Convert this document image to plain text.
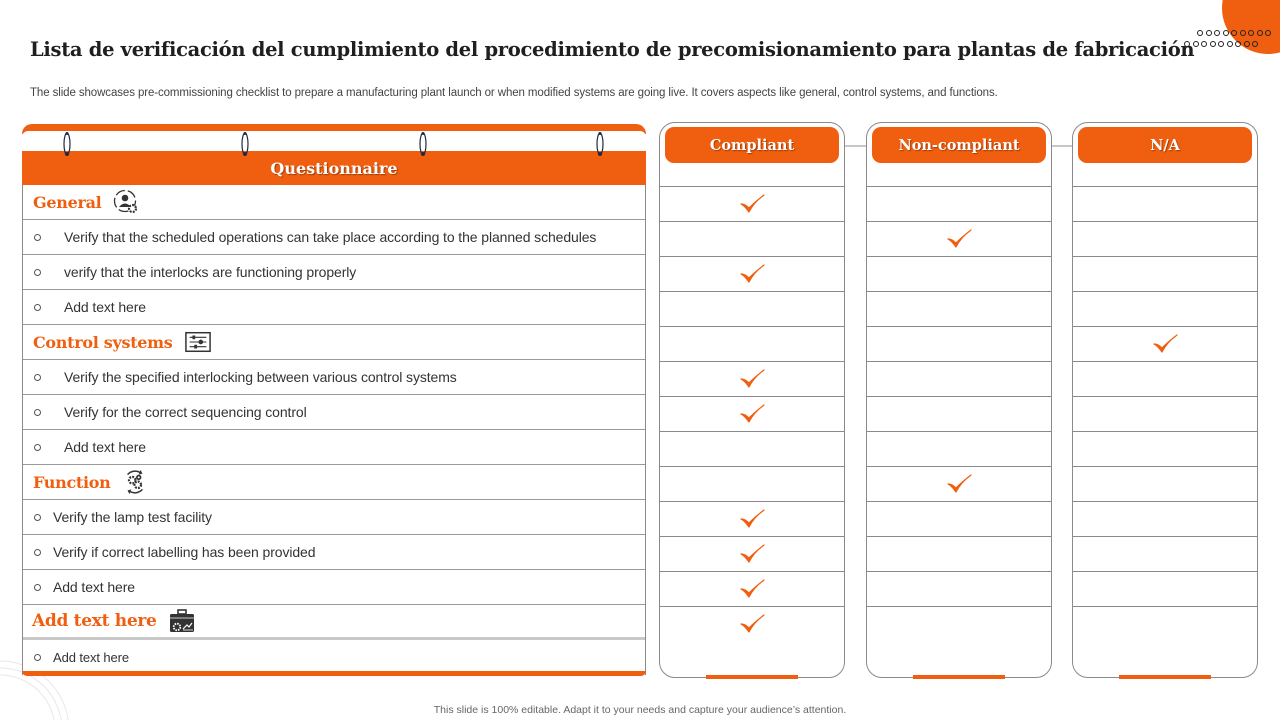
Lista de verificación del cumplimiento del procedimiento de precomisionamiento para plantas de fabricación

The slide showcases pre-commissioning checklist to prepare a manufacturing plant launch or when modified systems are going live. It covers aspects like general, control systems, and functions.

Questionnaire
General
Verify that the scheduled operations can take place according to the planned schedules
verify that the interlocks are functioning properly
Add text here
Control systems
Verify the specified interlocking between various control systems
Verify for the correct sequencing control
Add text here
Function
Verify the lamp test facility
Verify if correct labelling has been provided
Add text here
Add text here
Add text here
Compliant	Non-compliant	N/A
This slide is 100% editable. Adapt it to your needs and capture your audience’s attention.
